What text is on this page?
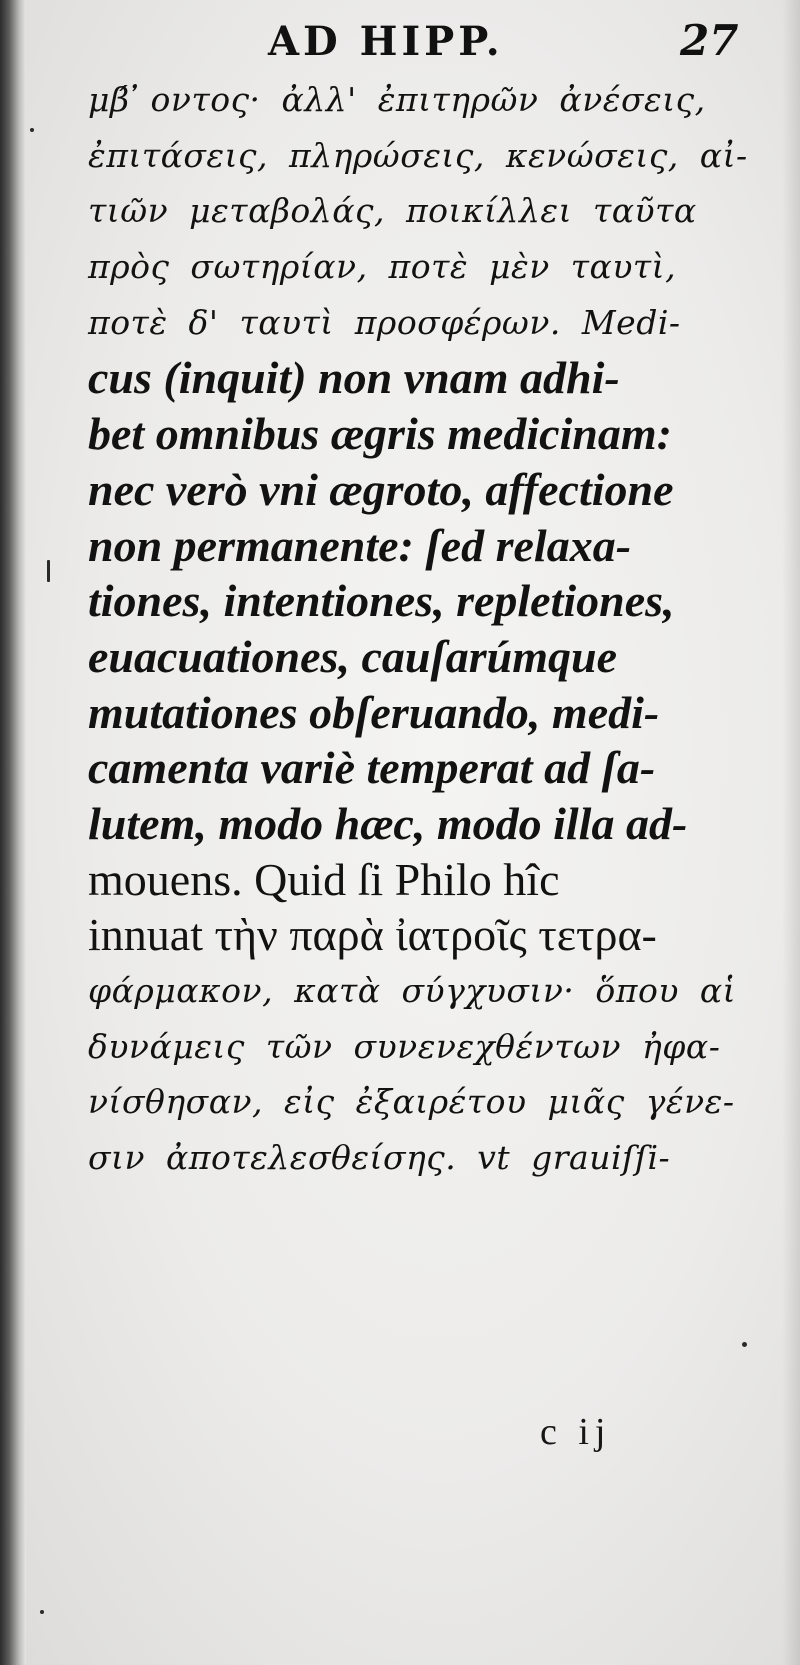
AD HIPP.	27
μβ́ ̓οντος· ἀλλ' ἐπιτηρῶν ἀνέσεις,
ἐπιτάσεις, πληρώσεις, κενώσεις, αἰ-
τιῶν μεταβολάς, ποικίλλει ταῦτα
πρὸς σωτηρίαν, ποτὲ μὲν ταυτὶ,
ποτὲ δ' ταυτὶ προσφέρων. Medi-
cus (inquit) non vnam adhi-
bet omnibus ægris medicinam:
nec verò vni ægroto, affectione
non permanente: ſed relaxa-
tiones, intentiones, repletiones,
euacuationes, cauſarúmque
mutationes obſeruando, medi-
camenta variè temperat ad ſa-
lutem, modo hæc, modo illa ad-
mouens. Quid ſi Philo hîc
innuat τὴν παρὰ ἰατροῖς τετρα-
φάρμακον, κατὰ σύγχυσιν· ὅπου αἱ
δυνάμεις τῶν συνενεχθέντων ἠφα-
νίσθησαν, εἰς ἐξαιρέτου μιᾶς γένε-
σιν ἀποτελεσθείσης. vt grauiſſi-
c ij
